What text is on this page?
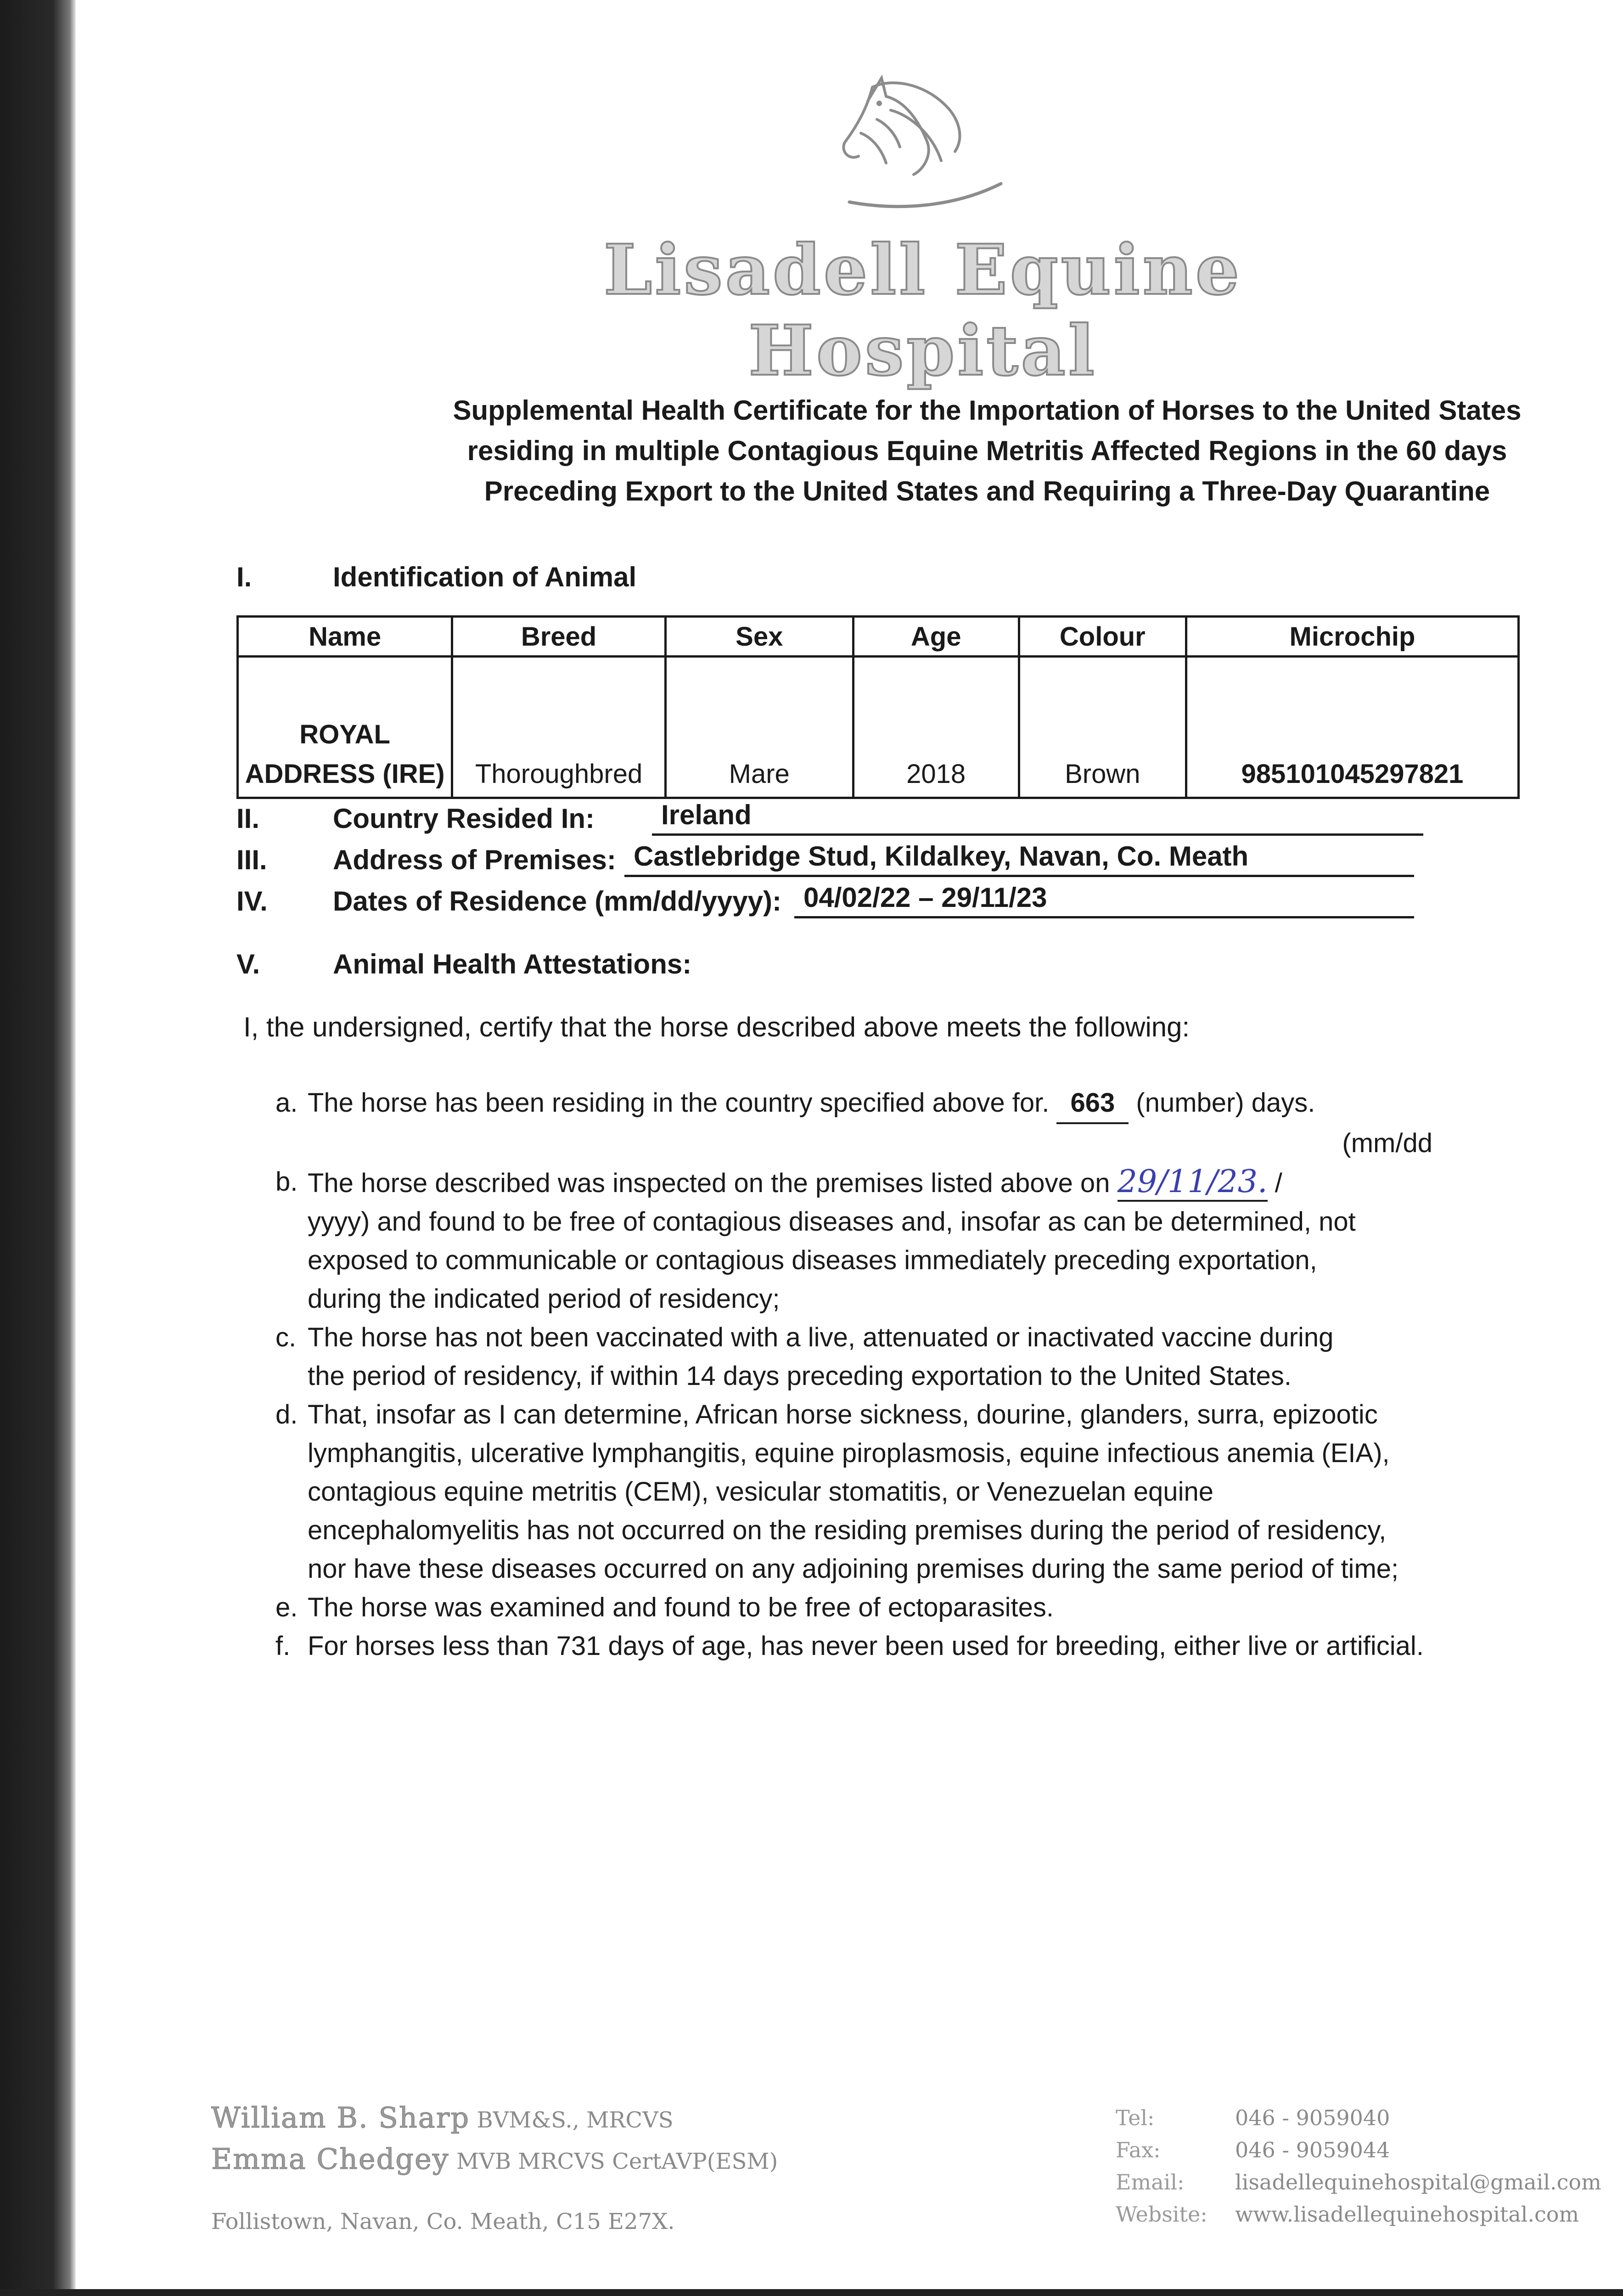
Lisadell Equine Hospital
Supplemental Health Certificate for the Importation of Horses to the United States
residing in multiple Contagious Equine Metritis Affected Regions in the 60 days
Preceding Export to the United States and Requiring a Three-Day Quarantine
I.	Identification of Animal
Name	Breed	Sex	Age	Colour	Microchip

ROYAL
ADDRESS (IRE)	Thoroughbred	Mare	2018	Brown	985101045297821
II.	Country Resided In:	Ireland
III. Address of Premises: Castlebridge Stud, Kildalkey, Navan, Co. Meath
IV. Dates of Residence (mm/dd/yyyy): 04/02/22 – 29/11/23
V.	Animal Health Attestations:
I, the undersigned, certify that the horse described above meets the following:
a. The horse has been residing in the country specified above for. 663 (number) days.
(mm/dd
b. The horse described was inspected on the premises listed above on 29/11/23. /
yyyy) and found to be free of contagious diseases and, insofar as can be determined, not
exposed to communicable or contagious diseases immediately preceding exportation,
during the indicated period of residency;
c. The horse has not been vaccinated with a live, attenuated or inactivated vaccine during
the period of residency, if within 14 days preceding exportation to the United States.
d. That, insofar as I can determine, African horse sickness, dourine, glanders, surra, epizootic
lymphangitis, ulcerative lymphangitis, equine piroplasmosis, equine infectious anemia (EIA),
contagious equine metritis (CEM), vesicular stomatitis, or Venezuelan equine
encephalomyelitis has not occurred on the residing premises during the period of residency,
nor have these diseases occurred on any adjoining premises during the same period of time;
e. The horse was examined and found to be free of ectoparasites.
f. For horses less than 731 days of age, has never been used for breeding, either live or artificial.
William B. Sharp BVM&S., MRCVS
Emma Chedgey MVB MRCVS CertAVP(ESM)
Follistown, Navan, Co. Meath, C15 E27X.
Tel:	046 - 9059040
Fax:	046 - 9059044
Email: lisadellequinehospital@gmail.com
Website: www.lisadellequinehospital.com
